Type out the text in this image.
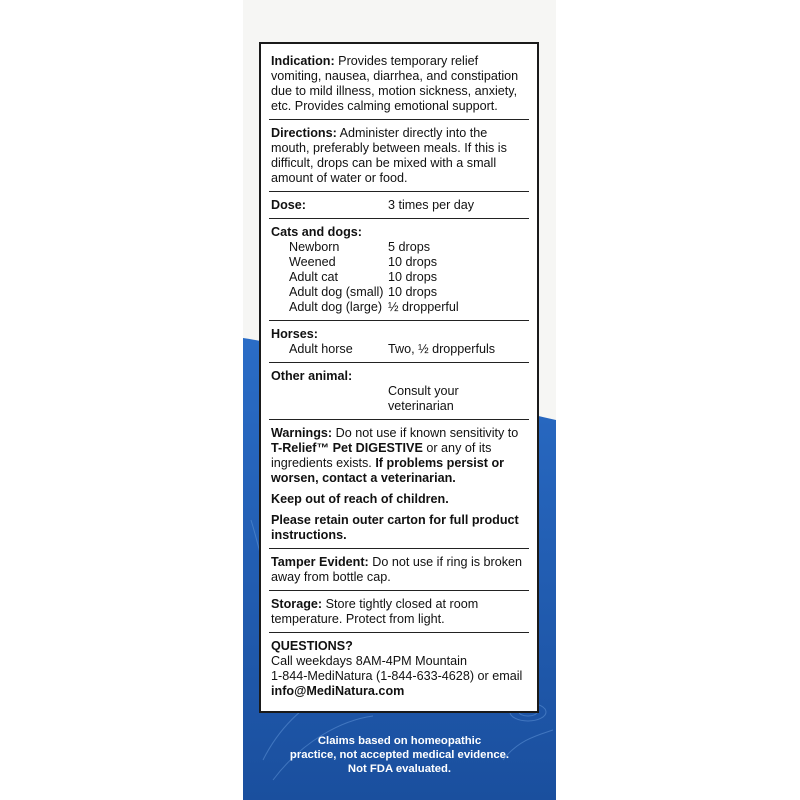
Indication: Provides temporary relief vomiting, nausea, diarrhea, and constipation due to mild illness, motion sickness, anxiety, etc. Provides calming emotional support.

Directions: Administer directly into the mouth, preferably between meals. If this is difficult, drops can be mixed with a small amount of water or food.

Dose:	3 times per day
Cats and dogs:
Newborn	5 drops
Weened	10 drops
Adult cat	10 drops
Adult dog (small) 10 drops
Adult dog (large) ½ dropperful
Horses:
Adult horse	Two, ½ dropperfuls
Other animal:
Consult your veterinarian

Warnings: Do not use if known sensitivity to T-Relief™ Pet DIGESTIVE or any of its ingredients exists. If problems persist or worsen, contact a veterinarian.

Keep out of reach of children.

Please retain outer carton for full product instructions.

Tamper Evident: Do not use if ring is broken away from bottle cap.

Storage: Store tightly closed at room temperature. Protect from light.

QUESTIONS?
Call weekdays 8AM-4PM Mountain
1-844-MediNatura (1-844-633-4628) or email
info@MediNatura.com
Claims based on homeopathic
practice, not accepted medical evidence.
Not FDA evaluated.
